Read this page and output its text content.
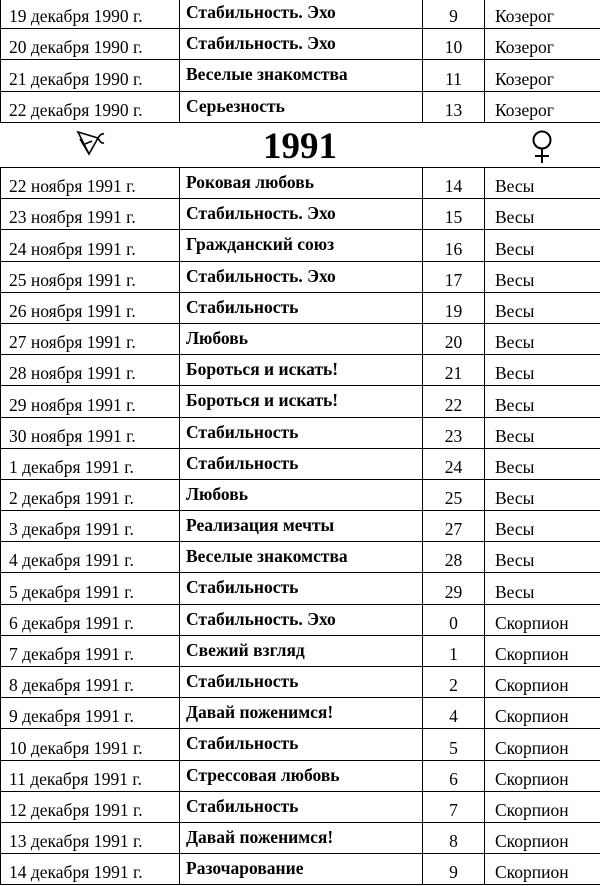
19 декабря 1990 г.	Стабильность. Эхо	9	Козерог
20 декабря 1990 г.	Стабильность. Эхо	10	Козерог
21 декабря 1990 г.	Веселые знакомства	11	Козерог
22 декабря 1990 г.	Серьезность	13	Козерог
1991
22 ноября 1991 г.	Роковая любовь	14	Весы
23 ноября 1991 г.	Стабильность. Эхо	15	Весы
24 ноября 1991 г.	Гражданский союз	16	Весы
25 ноября 1991 г.	Стабильность. Эхо	17	Весы
26 ноября 1991 г.	Стабильность	19	Весы
27 ноября 1991 г.	Любовь	20	Весы
28 ноября 1991 г.	Бороться и искать!	21	Весы
29 ноября 1991 г.	Бороться и искать!	22	Весы
30 ноября 1991 г.	Стабильность	23	Весы
1 декабря 1991 г.	Стабильность	24	Весы
2 декабря 1991 г.	Любовь	25	Весы
3 декабря 1991 г.	Реализация мечты	27	Весы
4 декабря 1991 г.	Веселые знакомства	28	Весы
5 декабря 1991 г.	Стабильность	29	Весы
6 декабря 1991 г.	Стабильность. Эхо	0	Скорпион
7 декабря 1991 г.	Свежий взгляд	1	Скорпион
8 декабря 1991 г.	Стабильность	2	Скорпион
9 декабря 1991 г.	Давай поженимся!	4	Скорпион
10 декабря 1991 г.	Стабильность	5	Скорпион
11 декабря 1991 г.	Стрессовая любовь	6	Скорпион
12 декабря 1991 г.	Стабильность	7	Скорпион
13 декабря 1991 г.	Давай поженимся!	8	Скорпион
14 декабря 1991 г.	Разочарование	9	Скорпион
